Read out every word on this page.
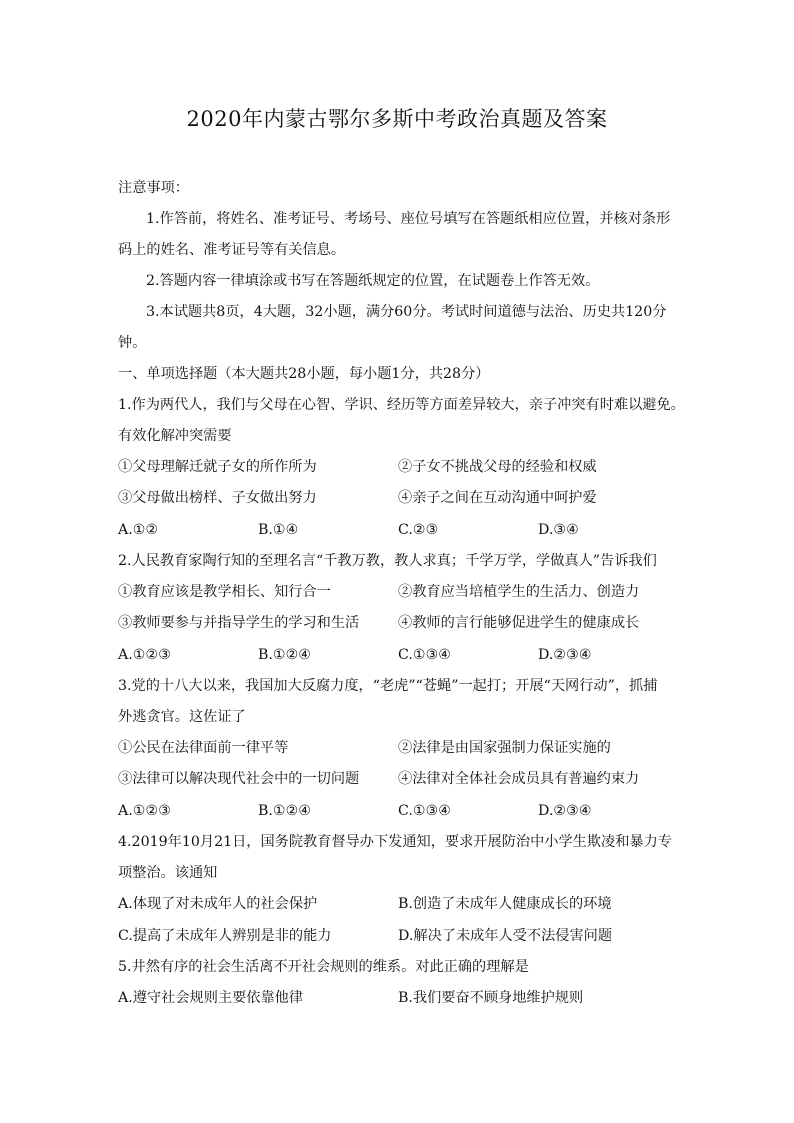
2020年内蒙古鄂尔多斯中考政治真题及答案
注意事项：
1.作答前，将姓名、准考证号、考场号、座位号填写在答题纸相应位置，并核对条形
码上的姓名、准考证号等有关信息。
2.答题内容一律填涂或书写在答题纸规定的位置，在试题卷上作答无效。
3.本试题共8页，4大题，32小题，满分60分。考试时间道德与法治、历史共120分
钟。
一、单项选择题（本大题共28小题，每小题1分，共28分）
1.作为两代人，我们与父母在心智、学识、经历等方面差异较大，亲子冲突有时难以避免。
有效化解冲突需要
①父母理解迁就子女的所作所为	②子女不挑战父母的经验和权威
③父母做出榜样、子女做出努力	④亲子之间在互动沟通中呵护爱
A.①②	B.①④	C.②③	D.③④
2.人民教育家陶行知的至理名言“千教万教，教人求真；千学万学，学做真人”告诉我们
①教育应该是教学相长、知行合一	②教育应当培植学生的生活力、创造力
③教师要参与并指导学生的学习和生活	④教师的言行能够促进学生的健康成长
A.①②③	B.①②④	C.①③④	D.②③④
3.党的十八大以来，我国加大反腐力度，“老虎”“苍蝇”一起打；开展“天网行动”，抓捕
外逃贪官。这佐证了
①公民在法律面前一律平等	②法律是由国家强制力保证实施的
③法律可以解决现代社会中的一切问题	④法律对全体社会成员具有普遍约束力
A.①②③	B.①②④	C.①③④	D.②③④
4.2019年10月21日，国务院教育督导办下发通知，要求开展防治中小学生欺凌和暴力专
项整治。该通知
A.体现了对未成年人的社会保护	B.创造了未成年人健康成长的环境
C.提高了未成年人辨别是非的能力	D.解决了未成年人受不法侵害问题
5.井然有序的社会生活离不开社会规则的维系。对此正确的理解是
A.遵守社会规则主要依靠他律	B.我们要奋不顾身地维护规则
